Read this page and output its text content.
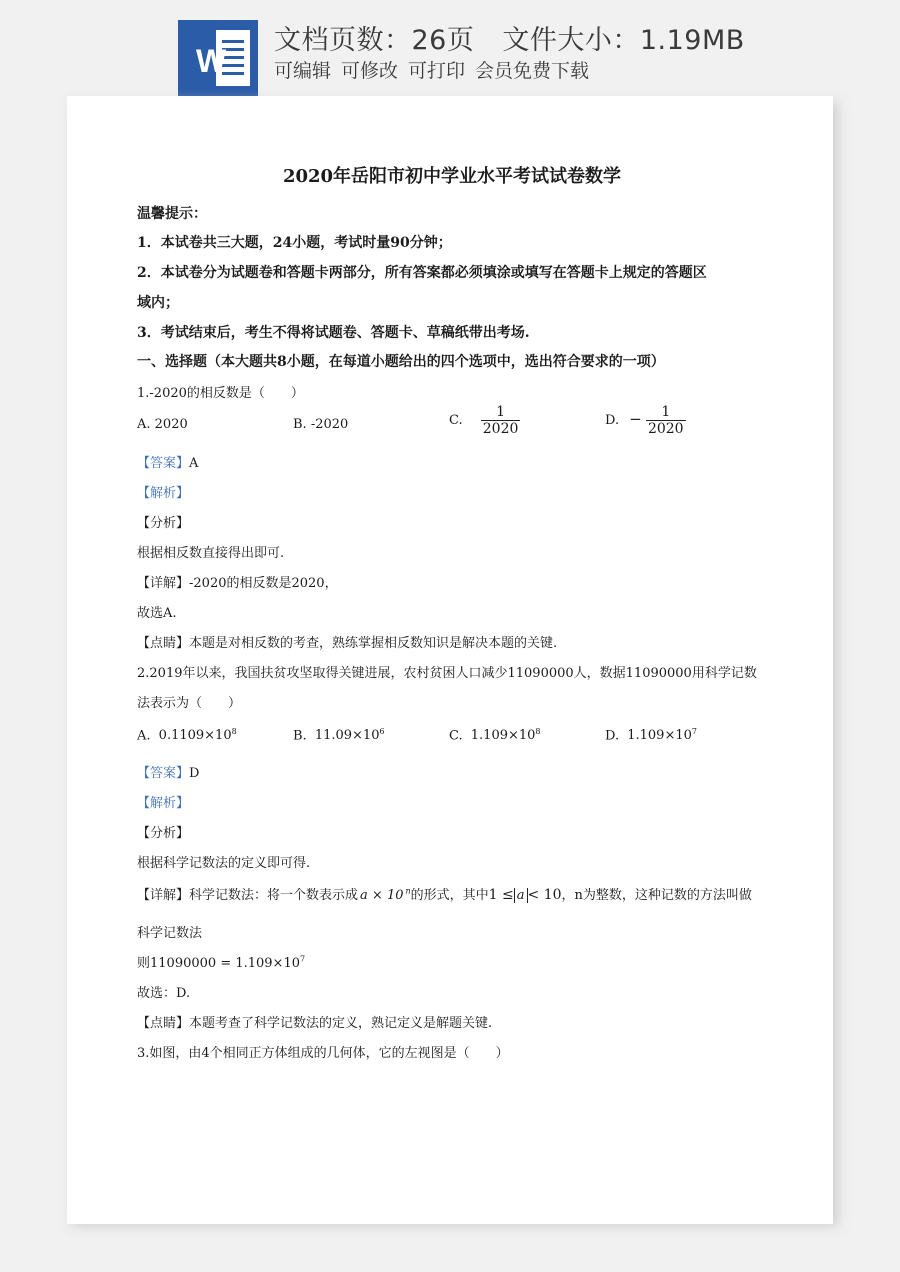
W
文档页数：26页 文件大小：1.19MB
可编辑 可修改 可打印 会员免费下载
2020年岳阳市初中学业水平考试试卷数学
温馨提示：
1．本试卷共三大题，24小题，考试时量90分钟；
2．本试卷分为试题卷和答题卡两部分，所有答案都必须填涂或填写在答题卡上规定的答题区
域内；
3．考试结束后，考生不得将试题卷、答题卡、草稿纸带出考场.
一、选择题（本大题共8小题，在每道小题给出的四个选项中，选出符合要求的一项）
1.-2020的相反数是（　　）
A. 2020	B. -2020	C. $\frac{1}{2020}$	D. − $\frac{1}{2020}$
【答案】A
【解析】
【分析】
根据相反数直接得出即可.
【详解】-2020的相反数是2020，
故选A.
【点睛】本题是对相反数的考查，熟练掌握相反数知识是解决本题的关键.
2.2019年以来，我国扶贫攻坚取得关键进展，农村贫困人口减少11090000人，数据11090000用科学记数
法表示为（　　）
A. $0.1109\times 10^8$	B. $11.09\times 10^6$	C. $1.109\times 10^8$	D. $1.109\times 10^7$
【答案】D
【解析】
【分析】
根据科学记数法的定义即可得.
【详解】科学记数法：将一个数表示成 a × 10 $^n$的形式，其中1 ≤ a < 10，n为整数，这种记数的方法叫做
科学记数法
则$11090000 = 1.109\times 10^7$
故选：D.
【点睛】本题考查了科学记数法的定义，熟记定义是解题关键.
3.如图，由4个相同正方体组成的几何体，它的左视图是（　　）
